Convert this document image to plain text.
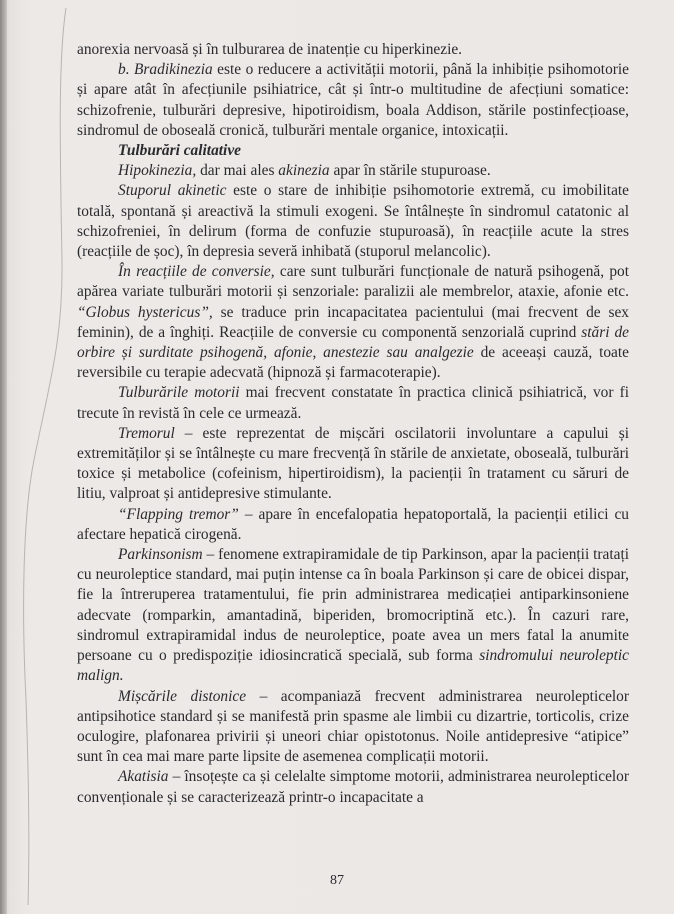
anorexia nervoasă și în tulburarea de inatenție cu hiperkinezie.

b. Bradikinezia este o reducere a activității motorii, până la inhibiție psihomotorie și apare atât în afecțiunile psihiatrice, cât și într-o multitudine de afecțiuni somatice: schizofrenie, tulburări depresive, hipotiroidism, boala Addison, stările postinfecțioase, sindromul de oboseală cronică, tulburări mentale organice, intoxicații.

Tulburări calitative

Hipokinezia, dar mai ales akinezia apar în stările stupuroase.

Stuporul akinetic este o stare de inhibiție psihomotorie extremă, cu imobilitate totală, spontană și areactivă la stimuli exogeni. Se întâlnește în sindromul catatonic al schizofreniei, în delirum (forma de confuzie stupuroasă), în reacțiile acute la stres (reacțiile de șoc), în depresia severă inhibată (stuporul melancolic).

În reacțiile de conversie, care sunt tulburări funcționale de natură psihogenă, pot apărea variate tulburări motorii și senzoriale: paralizii ale membrelor, ataxie, afonie etc. “Globus hystericus”, se traduce prin incapacitatea pacientului (mai frecvent de sex feminin), de a înghiți. Reacțiile de conversie cu componentă senzorială cuprind stări de orbire și surditate psihogenă, afonie, anestezie sau analgezie de aceeași cauză, toate reversibile cu terapie adecvată (hipnoză și farmacoterapie).

Tulburările motorii mai frecvent constatate în practica clinică psihiatrică, vor fi trecute în revistă în cele ce urmează.

Tremorul – este reprezentat de mișcări oscilatorii involuntare a capului și extremităților și se întâlnește cu mare frecvență în stările de anxietate, oboseală, tulburări toxice și metabolice (cofeinism, hipertiroidism), la pacienții în tratament cu săruri de litiu, valproat și antidepresive stimulante.

“Flapping tremor” – apare în encefalopatia hepatoportală, la pacienții etilici cu afectare hepatică cirogenă.

Parkinsonism – fenomene extrapiramidale de tip Parkinson, apar la pacienții tratați cu neuroleptice standard, mai puțin intense ca în boala Parkinson și care de obicei dispar, fie la întreruperea tratamentului, fie prin administrarea medicației antiparkinsoniene adecvate (romparkin, amantadină, biperiden, bromocriptină etc.). În cazuri rare, sindromul extrapiramidal indus de neuroleptice, poate avea un mers fatal la anumite persoane cu o predispoziție idiosincratică specială, sub forma sindromului neuroleptic malign.

Mișcările distonice – acompaniază frecvent administrarea neurolepticelor antipsihotice standard și se manifestă prin spasme ale limbii cu dizartrie, torticolis, crize oculogire, plafonarea privirii și uneori chiar opistotonus. Noile antidepresive “atipice” sunt în cea mai mare parte lipsite de asemenea complicații motorii.

Akatisia – însoțește ca și celelalte simptome motorii, administrarea neurolepticelor convenționale și se caracterizează printr-o incapacitate a

87
